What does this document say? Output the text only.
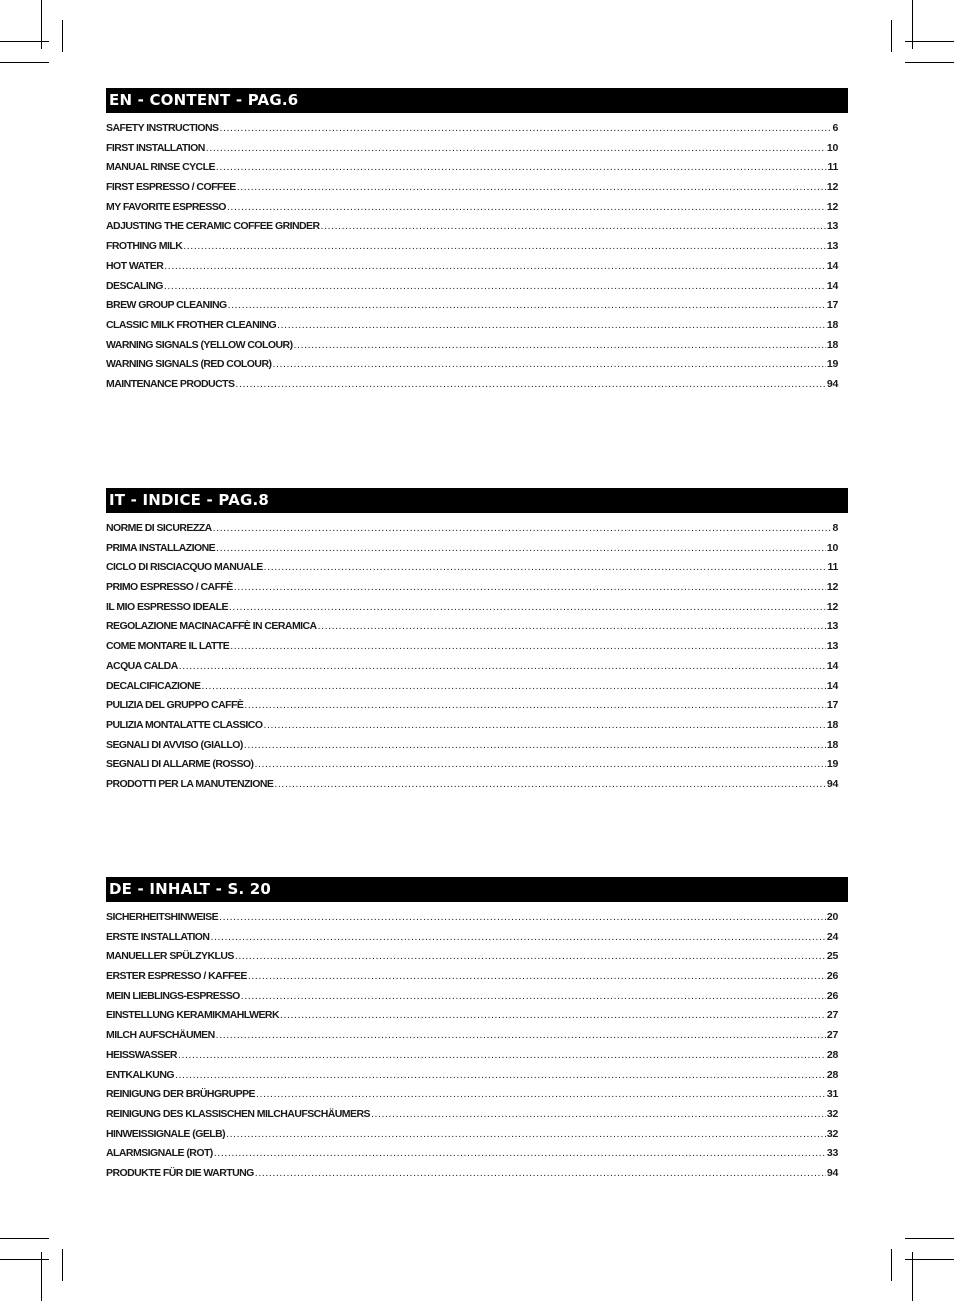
EN - CONTENT - PAG.6
SAFETY INSTRUCTIONS .....	6
FIRST INSTALLATION .....	10
MANUAL RINSE CYCLE .....	11
FIRST ESPRESSO / COFFEE .....	12
MY FAVORITE ESPRESSO .....	12
ADJUSTING THE CERAMIC COFFEE GRINDER .....	13
FROTHING MILK .....	13
HOT WATER .....	14
DESCALING .....	14
BREW GROUP CLEANING .....	17
CLASSIC MILK FROTHER CLEANING .....	18
WARNING SIGNALS (YELLOW COLOUR) .....	18
WARNING SIGNALS (RED COLOUR) .....	19
MAINTENANCE PRODUCTS .....	94
IT - INDICE - PAG.8
NORME DI SICUREZZA .....	8
PRIMA INSTALLAZIONE .....	10
CICLO DI RISCIACQUO MANUALE .....	11
PRIMO ESPRESSO / CAFFÈ .....	12
IL MIO ESPRESSO IDEALE .....	12
REGOLAZIONE MACINACAFFÈ IN CERAMICA .....	13
COME MONTARE IL LATTE .....	13
ACQUA CALDA .....	14
DECALCIFICAZIONE .....	14
PULIZIA DEL GRUPPO CAFFÈ .....	17
PULIZIA MONTALATTE CLASSICO .....	18
SEGNALI DI AVVISO (GIALLO) .....	18
SEGNALI DI ALLARME (ROSSO) .....	19
PRODOTTI PER LA MANUTENZIONE .....	94
DE - INHALT - S. 20
SICHERHEITSHINWEISE .....	20
ERSTE INSTALLATION .....	24
MANUELLER SPÜLZYKLUS .....	25
ERSTER ESPRESSO / KAFFEE .....	26
MEIN LIEBLINGS-ESPRESSO .....	26
EINSTELLUNG KERAMIKMAHLWERK .....	27
MILCH AUFSCHÄUMEN .....	27
HEISSWASSER .....	28
ENTKALKUNG .....	28
REINIGUNG DER BRÜHGRUPPE .....	31
REINIGUNG DES KLASSISCHEN MILCHAUFSCHÄUMERS .....	32
HINWEISSIGNALE (GELB) .....	32
ALARMSIGNALE (ROT) .....	33
PRODUKTE FÜR DIE WARTUNG .....	94
